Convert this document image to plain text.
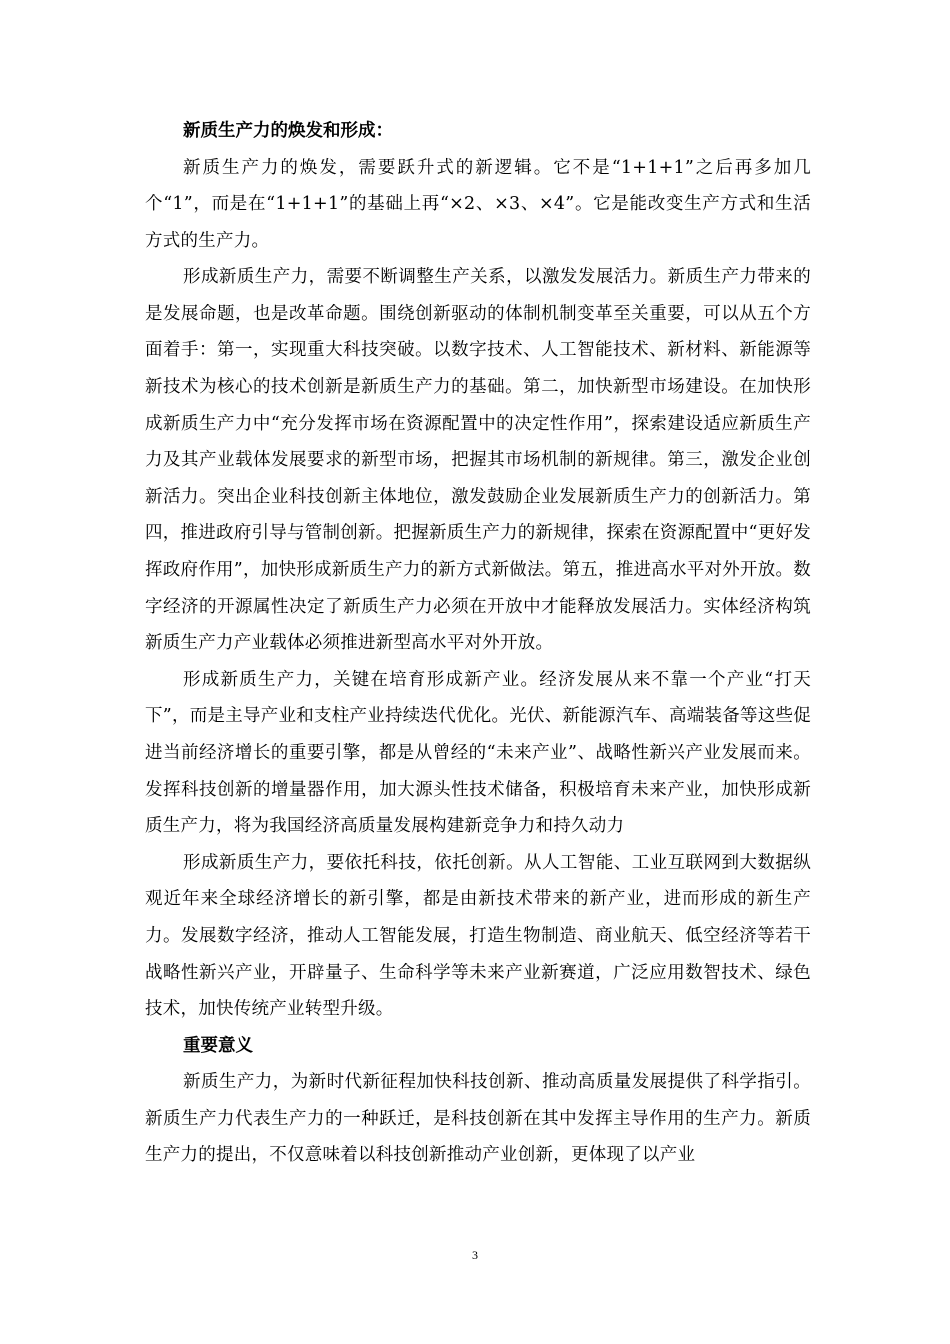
新质生产力的焕发和形成：

新质生产力的焕发，需要跃升式的新逻辑。它不是“1+1+1”之后再多加几个“1”，而是在“1+1+1”的基础上再“×2、×3、×4”。它是能改变生产方式和生活方式的生产力。

形成新质生产力，需要不断调整生产关系，以激发发展活力。新质生产力带来的是发展命题，也是改革命题。围绕创新驱动的体制机制变革至关重要，可以从五个方面着手：第一，实现重大科技突破。以数字技术、人工智能技术、新材料、新能源等新技术为核心的技术创新是新质生产力的基础。第二，加快新型市场建设。在加快形成新质生产力中“充分发挥市场在资源配置中的决定性作用”，探索建设适应新质生产力及其产业载体发展要求的新型市场，把握其市场机制的新规律。第三，激发企业创新活力。突出企业科技创新主体地位，激发鼓励企业发展新质生产力的创新活力。第四，推进政府引导与管制创新。把握新质生产力的新规律，探索在资源配置中“更好发挥政府作用”，加快形成新质生产力的新方式新做法。第五，推进高水平对外开放。数字经济的开源属性决定了新质生产力必须在开放中才能释放发展活力。实体经济构筑新质生产力产业载体必须推进新型高水平对外开放。

形成新质生产力，关键在培育形成新产业。经济发展从来不靠一个产业“打天下”，而是主导产业和支柱产业持续迭代优化。光伏、新能源汽车、高端装备等这些促进当前经济增长的重要引擎，都是从曾经的“未来产业”、战略性新兴产业发展而来。发挥科技创新的增量器作用，加大源头性技术储备，积极培育未来产业，加快形成新质生产力，将为我国经济高质量发展构建新竞争力和持久动力

形成新质生产力，要依托科技，依托创新。从人工智能、工业互联网到大数据纵观近年来全球经济增长的新引擎，都是由新技术带来的新产业，进而形成的新生产力。发展数字经济，推动人工智能发展，打造生物制造、商业航天、低空经济等若干战略性新兴产业，开辟量子、生命科学等未来产业新赛道，广泛应用数智技术、绿色技术，加快传统产业转型升级。

重要意义

新质生产力，为新时代新征程加快科技创新、推动高质量发展提供了科学指引。新质生产力代表生产力的一种跃迁，是科技创新在其中发挥主导作用的生产力。新质生产力的提出，不仅意味着以科技创新推动产业创新，更体现了以产业

3
